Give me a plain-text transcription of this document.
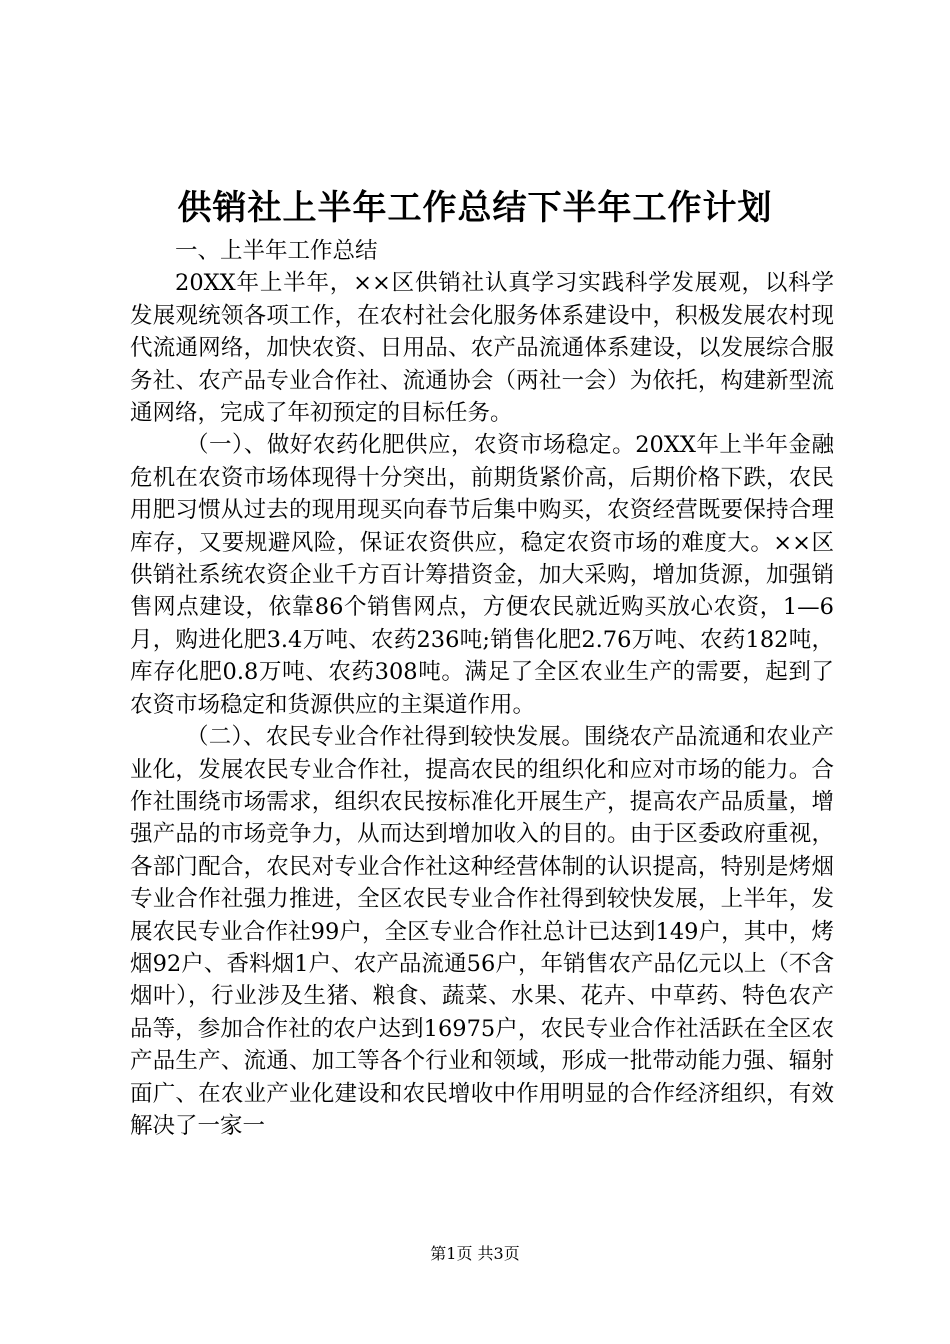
供销社上半年工作总结下半年工作计划

一、上半年工作总结

20XX年上半年，××区供销社认真学习实践科学发展观，以科学发展观统领各项工作，在农村社会化服务体系建设中，积极发展农村现代流通网络，加快农资、日用品、农产品流通体系建设，以发展综合服务社、农产品专业合作社、流通协会（两社一会）为依托，构建新型流通网络，完成了年初预定的目标任务。

（一）、做好农药化肥供应，农资市场稳定。20XX年上半年金融危机在农资市场体现得十分突出，前期货紧价高，后期价格下跌，农民用肥习惯从过去的现用现买向春节后集中购买，农资经营既要保持合理库存，又要规避风险，保证农资供应，稳定农资市场的难度大。××区供销社系统农资企业千方百计筹措资金，加大采购，增加货源，加强销售网点建设，依靠86个销售网点，方便农民就近购买放心农资，1—6月，购进化肥3.4万吨、农药236吨;销售化肥2.76万吨、农药182吨，库存化肥0.8万吨、农药308吨。满足了全区农业生产的需要，起到了农资市场稳定和货源供应的主渠道作用。

（二）、农民专业合作社得到较快发展。围绕农产品流通和农业产业化，发展农民专业合作社，提高农民的组织化和应对市场的能力。合作社围绕市场需求，组织农民按标准化开展生产，提高农产品质量，增强产品的市场竞争力，从而达到增加收入的目的。由于区委政府重视，各部门配合，农民对专业合作社这种经营体制的认识提高，特别是烤烟专业合作社强力推进，全区农民专业合作社得到较快发展，上半年，发展农民专业合作社99户，全区专业合作社总计已达到149户，其中，烤烟92户、香料烟1户、农产品流通56户，年销售农产品亿元以上（不含烟叶），行业涉及生猪、粮食、蔬菜、水果、花卉、中草药、特色农产品等，参加合作社的农户达到16975户，农民专业合作社活跃在全区农产品生产、流通、加工等各个行业和领域，形成一批带动能力强、辐射面广、在农业产业化建设和农民增收中作用明显的合作经济组织，有效解决了一家一

第1页 共3页
